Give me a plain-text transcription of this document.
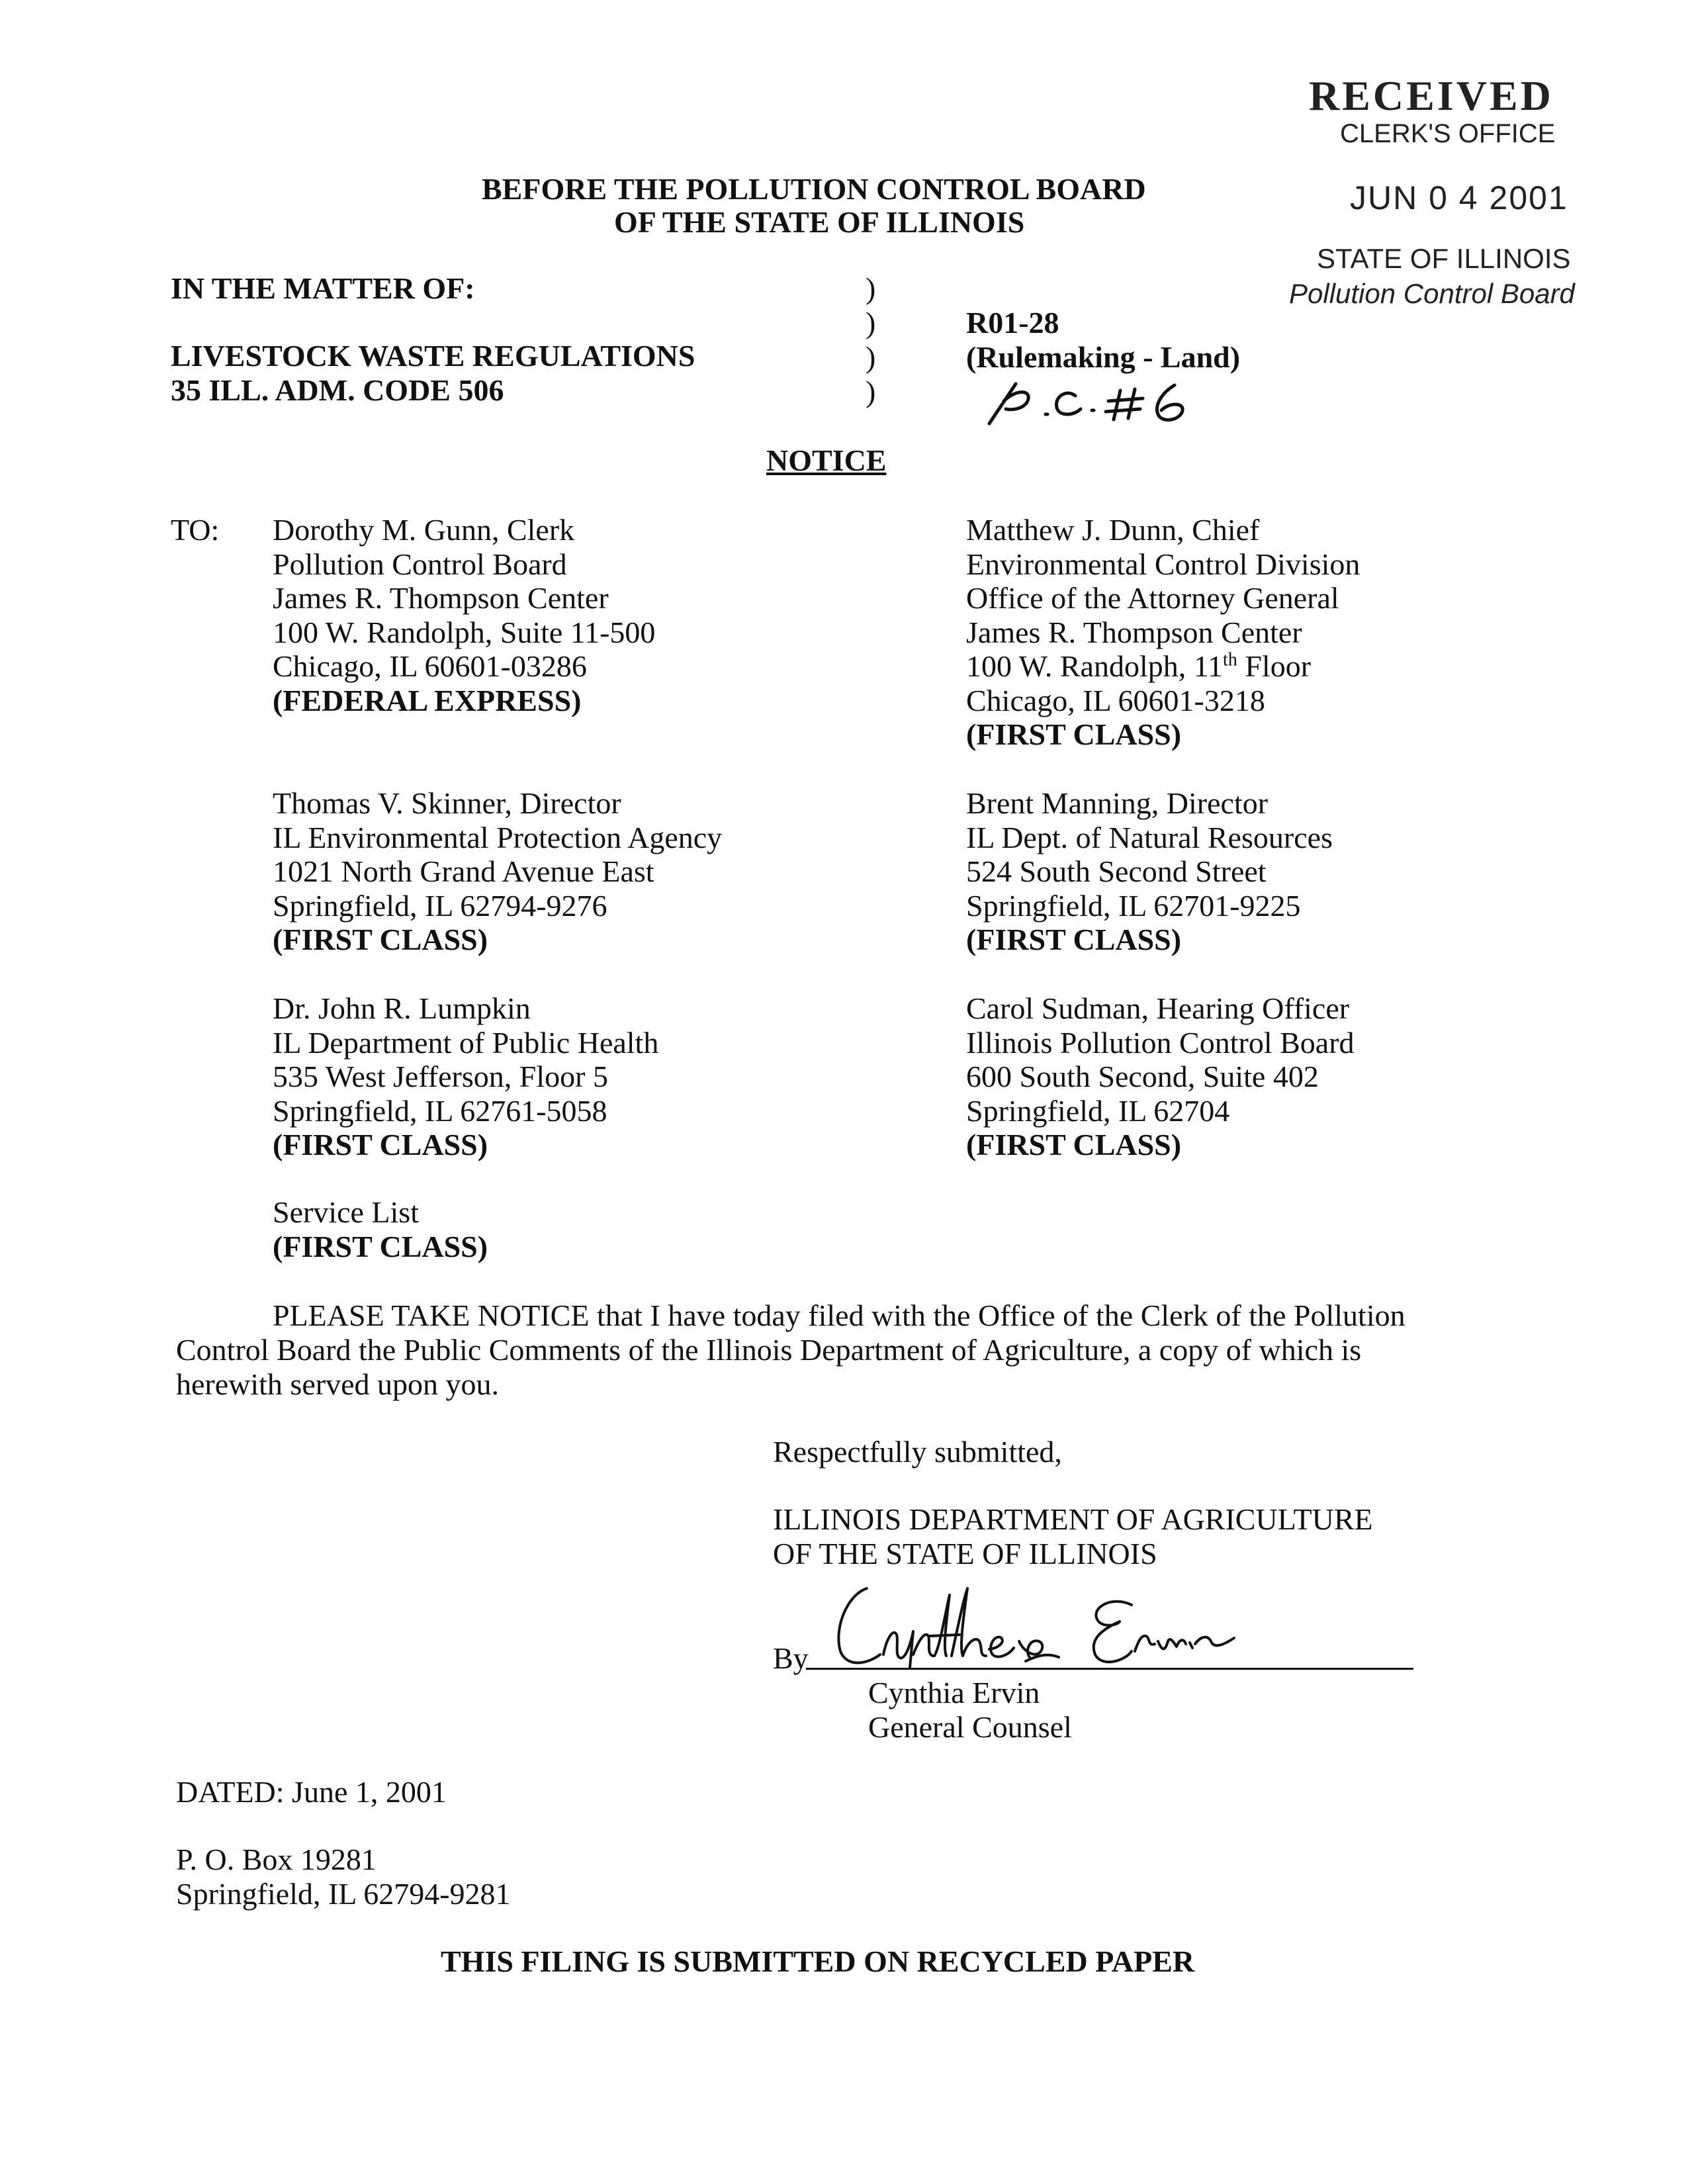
RECEIVED
CLERK'S OFFICE
JUN 0 4 2001
STATE OF ILLINOIS
Pollution Control Board
BEFORE THE POLLUTION CONTROL BOARD
OF THE STATE OF ILLINOIS
IN THE MATTER OF:
LIVESTOCK WASTE REGULATIONS
35 ILL. ADM. CODE 506
)
)
)
)
R01-28
(Rulemaking - Land)
NOTICE
TO: Dorothy M. Gunn, Clerk
Pollution Control Board
James R. Thompson Center
100 W. Randolph, Suite 11-500
Chicago, IL 60601-03286
(FEDERAL EXPRESS)
Matthew J. Dunn, Chief
Environmental Control Division
Office of the Attorney General
James R. Thompson Center
100 W. Randolph, 11th Floor
Chicago, IL 60601-3218
(FIRST CLASS)
Thomas V. Skinner, Director
IL Environmental Protection Agency
1021 North Grand Avenue East
Springfield, IL 62794-9276
(FIRST CLASS)
Brent Manning, Director
IL Dept. of Natural Resources
524 South Second Street
Springfield, IL 62701-9225
(FIRST CLASS)
Dr. John R. Lumpkin
IL Department of Public Health
535 West Jefferson, Floor 5
Springfield, IL 62761-5058
(FIRST CLASS)
Carol Sudman, Hearing Officer
Illinois Pollution Control Board
600 South Second, Suite 402
Springfield, IL 62704
(FIRST CLASS)
Service List
(FIRST CLASS)
PLEASE TAKE NOTICE that I have today filed with the Office of the Clerk of the Pollution
Control Board the Public Comments of the Illinois Department of Agriculture, a copy of which is
herewith served upon you.
Respectfully submitted,
ILLINOIS DEPARTMENT OF AGRICULTURE
OF THE STATE OF ILLINOIS
By
Cynthia Ervin
General Counsel
DATED: June 1, 2001
P. O. Box 19281
Springfield, IL 62794-9281
THIS FILING IS SUBMITTED ON RECYCLED PAPER
